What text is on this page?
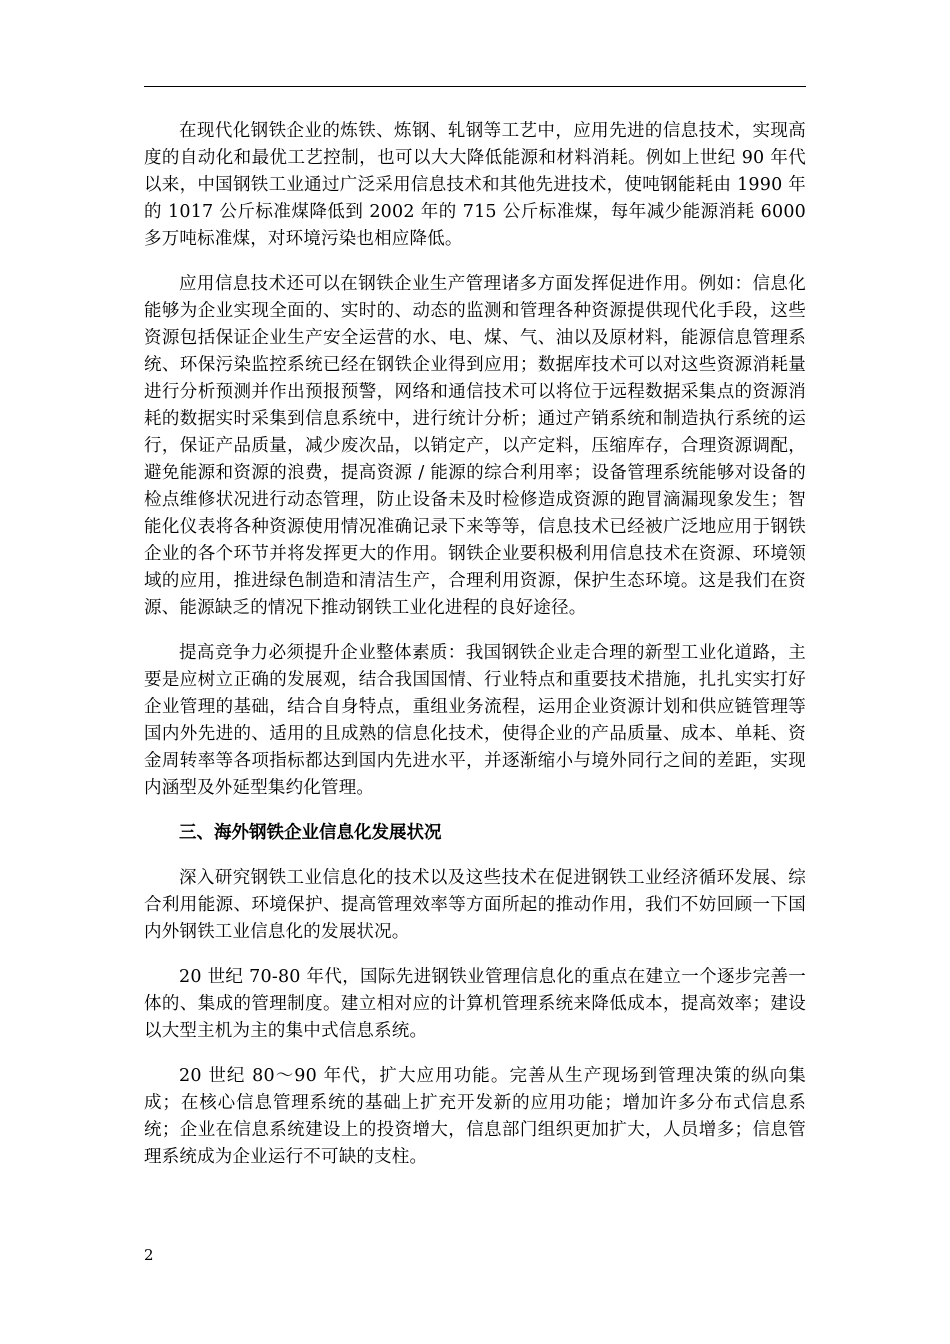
在现代化钢铁企业的炼铁、炼钢、轧钢等工艺中，应用先进的信息技术，实现高度的自动化和最优工艺控制，也可以大大降低能源和材料消耗。例如上世纪 90 年代以来，中国钢铁工业通过广泛采用信息技术和其他先进技术，使吨钢能耗由 1990 年的 1017 公斤标准煤降低到 2002 年的 715 公斤标准煤，每年减少能源消耗 6000 多万吨标准煤，对环境污染也相应降低。

应用信息技术还可以在钢铁企业生产管理诸多方面发挥促进作用。例如：信息化能够为企业实现全面的、实时的、动态的监测和管理各种资源提供现代化手段，这些资源包括保证企业生产安全运营的水、电、煤、气、油以及原材料，能源信息管理系统、环保污染监控系统已经在钢铁企业得到应用；数据库技术可以对这些资源消耗量进行分析预测并作出预报预警，网络和通信技术可以将位于远程数据采集点的资源消耗的数据实时采集到信息系统中，进行统计分析；通过产销系统和制造执行系统的运行，保证产品质量，减少废次品，以销定产，以产定料，压缩库存，合理资源调配，避免能源和资源的浪费，提高资源 / 能源的综合利用率；设备管理系统能够对设备的检点维修状况进行动态管理，防止设备未及时检修造成资源的跑冒滴漏现象发生；智能化仪表将各种资源使用情况准确记录下来等等，信息技术已经被广泛地应用于钢铁企业的各个环节并将发挥更大的作用。钢铁企业要积极利用信息技术在资源、环境领域的应用，推进绿色制造和清洁生产，合理利用资源，保护生态环境。这是我们在资源、能源缺乏的情况下推动钢铁工业化进程的良好途径。

提高竞争力必须提升企业整体素质：我国钢铁企业走合理的新型工业化道路，主要是应树立正确的发展观，结合我国国情、行业特点和重要技术措施，扎扎实实打好企业管理的基础，结合自身特点，重组业务流程，运用企业资源计划和供应链管理等国内外先进的、适用的且成熟的信息化技术，使得企业的产品质量、成本、单耗、资金周转率等各项指标都达到国内先进水平，并逐渐缩小与境外同行之间的差距，实现内涵型及外延型集约化管理。

三、海外钢铁企业信息化发展状况

深入研究钢铁工业信息化的技术以及这些技术在促进钢铁工业经济循环发展、综合利用能源、环境保护、提高管理效率等方面所起的推动作用，我们不妨回顾一下国内外钢铁工业信息化的发展状况。

20 世纪 70-80 年代，国际先进钢铁业管理信息化的重点在建立一个逐步完善一体的、集成的管理制度。建立相对应的计算机管理系统来降低成本，提高效率；建设以大型主机为主的集中式信息系统。

20 世纪 80～90 年代，扩大应用功能。完善从生产现场到管理决策的纵向集成；在核心信息管理系统的基础上扩充开发新的应用功能；增加许多分布式信息系统；企业在信息系统建设上的投资增大，信息部门组织更加扩大，人员增多；信息管理系统成为企业运行不可缺的支柱。

2
